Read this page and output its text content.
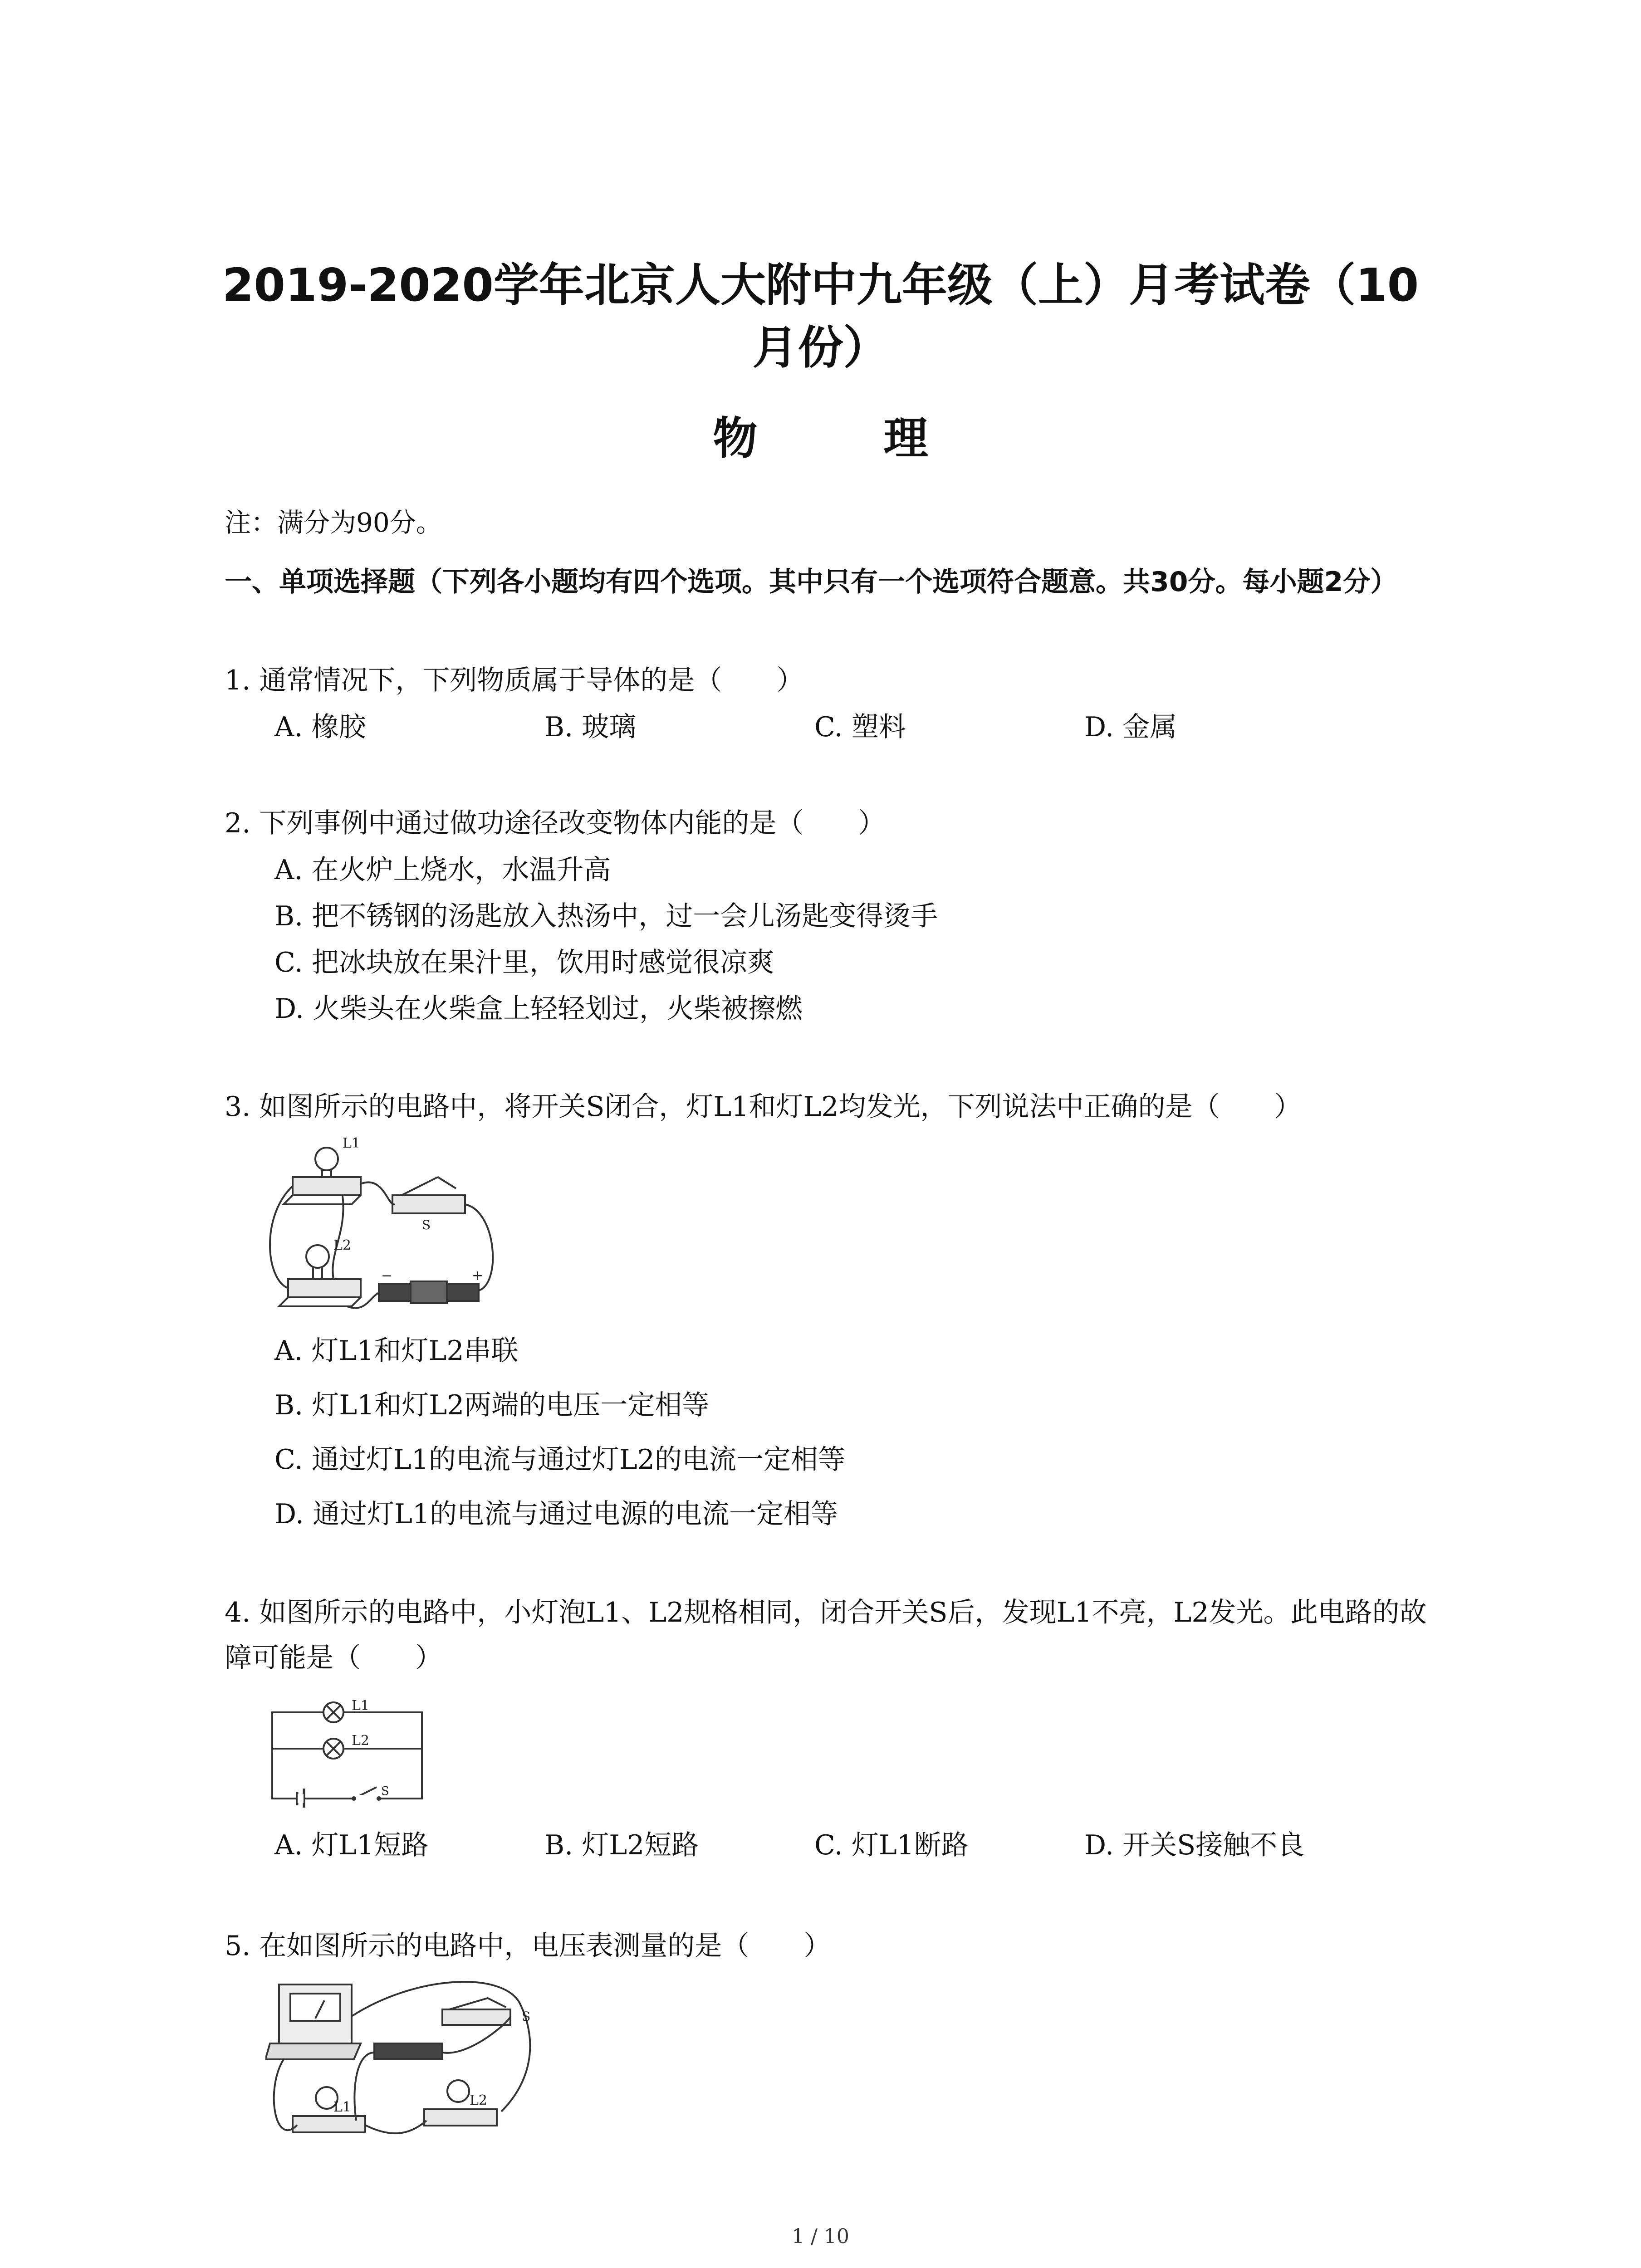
2019-2020学年北京人大附中九年级（上）月考试卷（10月份）
物　理
注：满分为90分。
一、单项选择题（下列各小题均有四个选项。其中只有一个选项符合题意。共30分。每小题2分）
1. 通常情况下，下列物质属于导体的是（　　）
A. 橡胶	B. 玻璃	C. 塑料	D. 金属
2. 下列事例中通过做功途径改变物体内能的是（　　）
A. 在火炉上烧水，水温升高
B. 把不锈钢的汤匙放入热汤中，过一会儿汤匙变得烫手
C. 把冰块放在果汁里，饮用时感觉很凉爽
D. 火柴头在火柴盒上轻轻划过，火柴被擦燃
3. 如图所示的电路中，将开关S闭合，灯L1和灯L2均发光，下列说法中正确的是（　　）
L1
L2
S
−	+
A. 灯L1和灯L2串联
B. 灯L1和灯L2两端的电压一定相等
C. 通过灯L1的电流与通过灯L2的电流一定相等
D. 通过灯L1的电流与通过电源的电流一定相等
4. 如图所示的电路中，小灯泡L1、L2规格相同，闭合开关S后，发现L1不亮，L2发光。此电路的故障可能是（　　）
L1
L2
S
A. 灯L1短路	B. 灯L2短路	C. 灯L1断路	D. 开关S接触不良
5. 在如图所示的电路中，电压表测量的是（　　）
L1	L2
S
1 / 10
